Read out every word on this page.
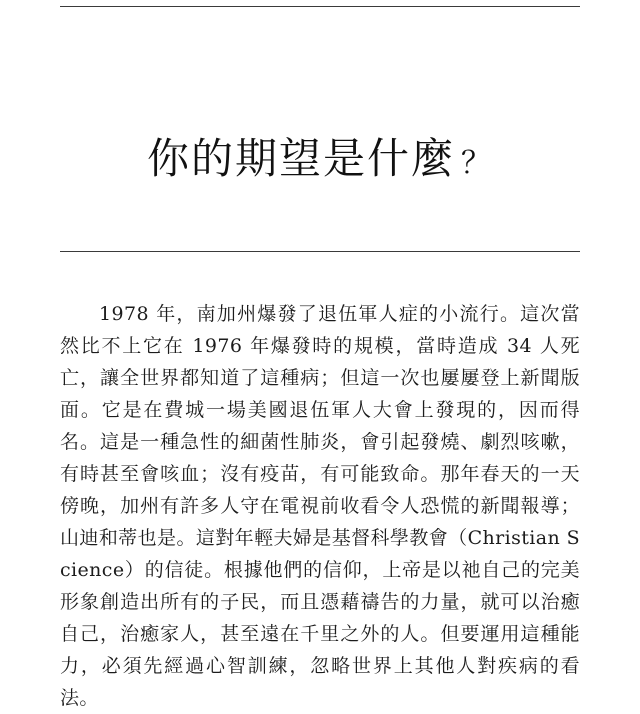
你的期望是什麼 ？

1978 年，南加州爆發了退伍軍人症的小流行。這次當然比不上它在 1976 年爆發時的規模，當時造成 34 人死亡，讓全世界都知道了這種病；但這一次也屢屢登上新聞版面。它是在費城一場美國退伍軍人大會上發現的，因而得名。這是一種急性的細菌性肺炎，會引起發燒、劇烈咳嗽，有時甚至會咳血；沒有疫苗，有可能致命。那年春天的一天傍晚，加州有許多人守在電視前收看令人恐慌的新聞報導；山迪和蒂也是。這對年輕夫婦是基督科學教會（Christian Science）的信徒。根據他們的信仰，上帝是以祂自己的完美形象創造出所有的子民，而且憑藉禱告的力量，就可以治癒自己，治癒家人，甚至遠在千里之外的人。但要運用這種能力，必須先經過心智訓練，忽略世界上其他人對疾病的看法。
